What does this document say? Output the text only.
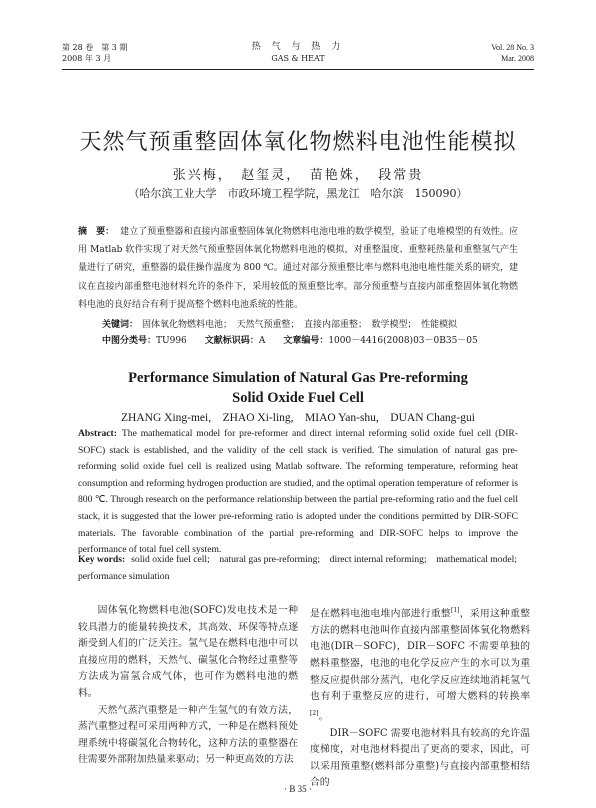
第 28 卷　第 3 期
2008 年 3 月
热 气 与 热 力
GAS & HEAT
Vol. 28 No. 3
Mar. 2008
天然气预重整固体氧化物燃料电池性能模拟
张兴梅，　赵玺灵，　苗艳姝，　段常贵
（哈尔滨工业大学　市政环境工程学院，黑龙江　哈尔滨　150090）
摘　要： 建立了预重整器和直接内部重整固体氧化物燃料电池电堆的数学模型，验证了电堆模型的有效性。应用 Matlab 软件实现了对天然气预重整固体氧化物燃料电池的模拟，对重整温度、重整耗热量和重整氢气产生量进行了研究，重整器的最佳操作温度为 800 ℃。通过对部分预重整比率与燃料电池电堆性能关系的研究，建议在直接内部重整电池材料允许的条件下，采用较低的预重整比率。部分预重整与直接内部重整固体氧化物燃料电池的良好结合有利于提高整个燃料电池系统的性能。
关键词： 固体氧化物燃料电池；　天然气预重整；　直接内部重整；　数学模型；　性能模拟
中图分类号：TU996 文献标识码：A 文章编号：1000－4416(2008)03－0B35－05
Performance Simulation of Natural Gas Pre-reforming
Solid Oxide Fuel Cell
ZHANG Xing-mei,　ZHAO Xi-ling,　MIAO Yan-shu,　DUAN Chang-gui
Abstract: The mathematical model for pre-reformer and direct internal reforming solid oxide fuel cell (DIR-SOFC) stack is established, and the validity of the cell stack is verified. The simulation of natural gas pre-reforming solid oxide fuel cell is realized using Matlab software. The reforming temperature, reforming heat consumption and reforming hydrogen production are studied, and the optimal operation temperature of reformer is 800 ℃. Through research on the performance relationship between the partial pre-reforming ratio and the fuel cell stack, it is suggested that the lower pre-reforming ratio is adopted under the conditions permitted by DIR-SOFC materials. The favorable combination of the partial pre-reforming and DIR-SOFC helps to improve the performance of total fuel cell system.
Key words: solid oxide fuel cell;　natural gas pre-reforming;　direct internal reforming;　mathematical model;　performance simulation

固体氧化物燃料电池(SOFC)发电技术是一种较具潜力的能量转换技术，其高效、环保等特点逐渐受到人们的广泛关注。氢气是在燃料电池中可以直接应用的燃料，天然气、碳氢化合物经过重整等方法成为富氢合成气体，也可作为燃料电池的燃料。

天然气蒸汽重整是一种产生氢气的有效方法，蒸汽重整过程可采用两种方式，一种是在燃料预处理系统中将碳氢化合物转化，这种方法的重整器在往需要外部附加热量来驱动；另一种更高效的方法

是在燃料电池电堆内部进行重整[1]，采用这种重整方法的燃料电池叫作直接内部重整固体氧化物燃料电池(DIR－SOFC)，DIR－SOFC 不需要单独的燃料重整器，电池的电化学反应产生的水可以为重整反应提供部分蒸汽，电化学反应连续地消耗氢气也有利于重整反应的进行，可增大燃料的转换率[2]。

DIR－SOFC 需要电池材料具有较高的允许温度梯度，对电池材料提出了更高的要求，因此，可以采用预重整(燃料部分重整)与直接内部重整相结合的

· B 35 ·
